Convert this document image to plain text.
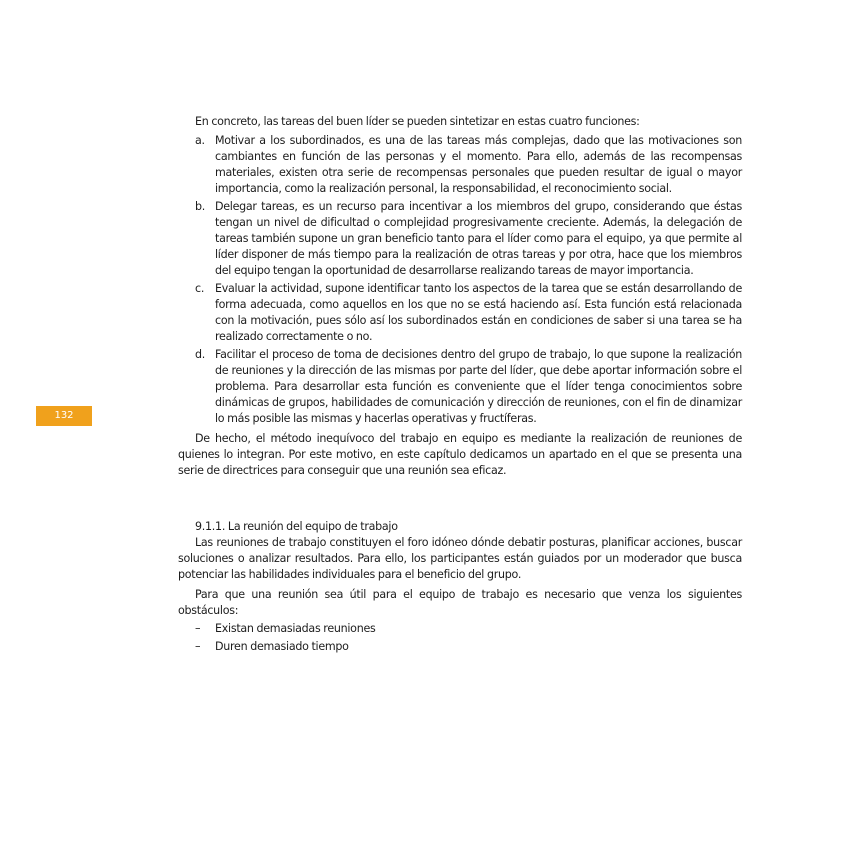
132

En concreto, las tareas del buen líder se pueden sintetizar en estas cuatro funciones:

a. Motivar a los subordinados, es una de las tareas más complejas, dado que las motivaciones son cambiantes en función de las personas y el momento. Para ello, además de las recompensas materiales, existen otra serie de recompensas personales que pueden resultar de igual o mayor importancia, como la realización personal, la responsabilidad, el reconocimiento social.
b. Delegar tareas, es un recurso para incentivar a los miembros del grupo, considerando que éstas tengan un nivel de dificultad o complejidad progresivamente creciente. Además, la delegación de tareas también supone un gran beneficio tanto para el líder como para el equipo, ya que permite al líder disponer de más tiempo para la realización de otras tareas y por otra, hace que los miembros del equipo tengan la oportunidad de desarrollarse realizando tareas de mayor importancia.
c. Evaluar la actividad, supone identificar tanto los aspectos de la tarea que se están desarrollando de forma adecuada, como aquellos en los que no se está haciendo así. Esta función está relacionada con la motivación, pues sólo así los subordinados están en condiciones de saber si una tarea se ha realizado correctamente o no.
d. Facilitar el proceso de toma de decisiones dentro del grupo de trabajo, lo que supone la realización de reuniones y la dirección de las mismas por parte del líder, que debe aportar información sobre el problema. Para desarrollar esta función es conveniente que el líder tenga conocimientos sobre dinámicas de grupos, habilidades de comunicación y dirección de reuniones, con el fin de dinamizar lo más posible las mismas y hacerlas operativas y fructíferas.

De hecho, el método inequívoco del trabajo en equipo es mediante la realización de reuniones de quienes lo integran. Por este motivo, en este capítulo dedicamos un apartado en el que se presenta una serie de directrices para conseguir que una reunión sea eficaz.

9.1.1. La reunión del equipo de trabajo

Las reuniones de trabajo constituyen el foro idóneo dónde debatir posturas, planificar acciones, buscar soluciones o analizar resultados. Para ello, los participantes están guiados por un moderador que busca potenciar las habilidades individuales para el beneficio del grupo.

Para que una reunión sea útil para el equipo de trabajo es necesario que venza los siguientes obstáculos:

– Existan demasiadas reuniones
– Duren demasiado tiempo
